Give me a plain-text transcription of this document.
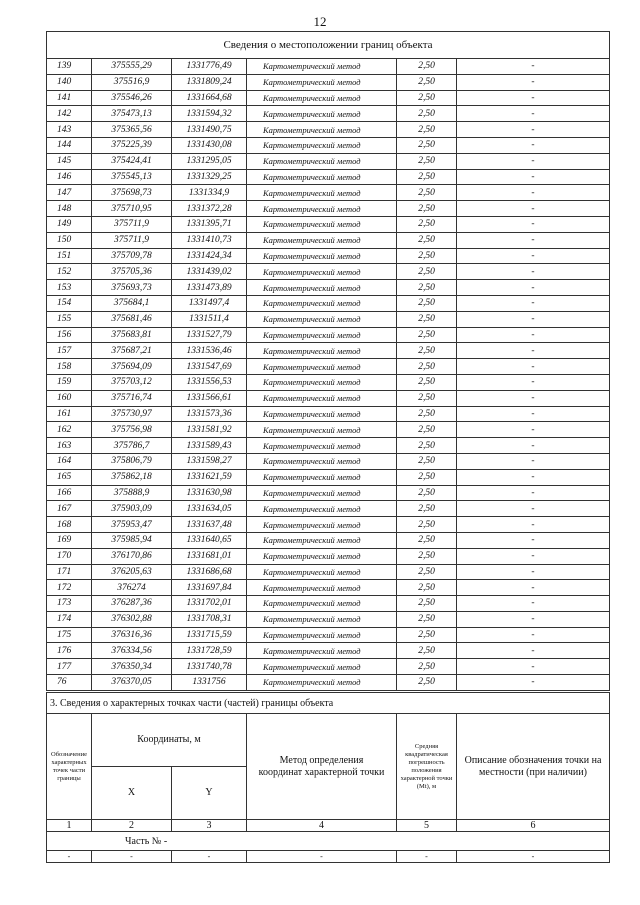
12
Сведения о местоположении границ объекта					
139	375555,29	1331776,49	Картометрический метод	2,50	-
140	375516,9	1331809,24	Картометрический метод	2,50	-
141	375546,26	1331664,68	Картометрический метод	2,50	-
142	375473,13	1331594,32	Картометрический метод	2,50	-
143	375365,56	1331490,75	Картометрический метод	2,50	-
144	375225,39	1331430,08	Картометрический метод	2,50	-
145	375424,41	1331295,05	Картометрический метод	2,50	-
146	375545,13	1331329,25	Картометрический метод	2,50	-
147	375698,73	1331334,9	Картометрический метод	2,50	-
148	375710,95	1331372,28	Картометрический метод	2,50	-
149	375711,9	1331395,71	Картометрический метод	2,50	-
150	375711,9	1331410,73	Картометрический метод	2,50	-
151	375709,78	1331424,34	Картометрический метод	2,50	-
152	375705,36	1331439,02	Картометрический метод	2,50	-
153	375693,73	1331473,89	Картометрический метод	2,50	-
154	375684,1	1331497,4	Картометрический метод	2,50	-
155	375681,46	1331511,4	Картометрический метод	2,50	-
156	375683,81	1331527,79	Картометрический метод	2,50	-
157	375687,21	1331536,46	Картометрический метод	2,50	-
158	375694,09	1331547,69	Картометрический метод	2,50	-
159	375703,12	1331556,53	Картометрический метод	2,50	-
160	375716,74	1331566,61	Картометрический метод	2,50	-
161	375730,97	1331573,36	Картометрический метод	2,50	-
162	375756,98	1331581,92	Картометрический метод	2,50	-
163	375786,7	1331589,43	Картометрический метод	2,50	-
164	375806,79	1331598,27	Картометрический метод	2,50	-
165	375862,18	1331621,59	Картометрический метод	2,50	-
166	375888,9	1331630,98	Картометрический метод	2,50	-
167	375903,09	1331634,05	Картометрический метод	2,50	-
168	375953,47	1331637,48	Картометрический метод	2,50	-
169	375985,94	1331640,65	Картометрический метод	2,50	-
170	376170,86	1331681,01	Картометрический метод	2,50	-
171	376205,63	1331686,68	Картометрический метод	2,50	-
172	376274	1331697,84	Картометрический метод	2,50	-
173	376287,36	1331702,01	Картометрический метод	2,50	-
174	376302,88	1331708,31	Картометрический метод	2,50	-
175	376316,36	1331715,59	Картометрический метод	2,50	-
176	376334,56	1331728,59	Картометрический метод	2,50	-
177	376350,34	1331740,78	Картометрический метод	2,50	-
76	376370,05	1331756	Картометрический метод	2,50	-
3. Сведения о характерных точках части (частей) границы объекта					
Обозначение характерных точек части границы	Координаты, м		Метод определения координат характерной точки	Средняя квадратическая погрешность положения характерной точки (Mt), м	Описание обозначения точки на местности (при наличии)
	X	Y			
1	2	3	4	5	6
Часть № -					
-	-	-	-	-	-
